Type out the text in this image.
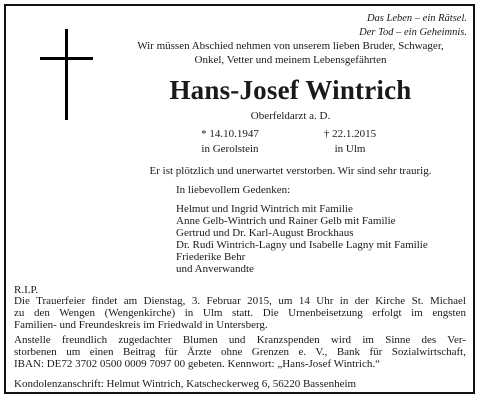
Das Leben – ein Rätsel.
Der Tod – ein Geheimnis.
Wir müssen Abschied nehmen von unserem lieben Bruder, Schwager,
Onkel, Vetter und meinem Lebensgefährten
Hans-Josef Wintrich
Oberfeldarzt a. D.
* 14.10.1947
in Gerolstein
† 22.1.2015
in Ulm
Er ist plötzlich und unerwartet verstorben. Wir sind sehr traurig.
In liebevollem Gedenken:
Helmut und Ingrid Wintrich mit Familie
Anne Gelb-Wintrich und Rainer Gelb mit Familie
Gertrud und Dr. Karl-August Brockhaus
Dr. Rudi Wintrich-Lagny und Isabelle Lagny mit Familie
Friederike Behr
und Anverwandte
R.I.P.
Die Trauerfeier findet am Dienstag, 3. Februar 2015, um 14 Uhr in der Kirche St. Michael
zu den Wengen (Wengenkirche) in Ulm statt. Die Urnenbeisetzung erfolgt im engsten
Familien- und Freundeskreis im Friedwald in Untersberg.
Anstelle freundlich zugedachter Blumen und Kranzspenden wird im Sinne des Ver-
storbenen um einen Beitrag für Ärzte ohne Grenzen e. V., Bank für Sozialwirtschaft,
IBAN: DE72 3702 0500 0009 7097 00 gebeten. Kennwort: „Hans-Josef Wintrich.“
Kondolenzanschrift: Helmut Wintrich, Katscheckerweg 6, 56220 Bassenheim
